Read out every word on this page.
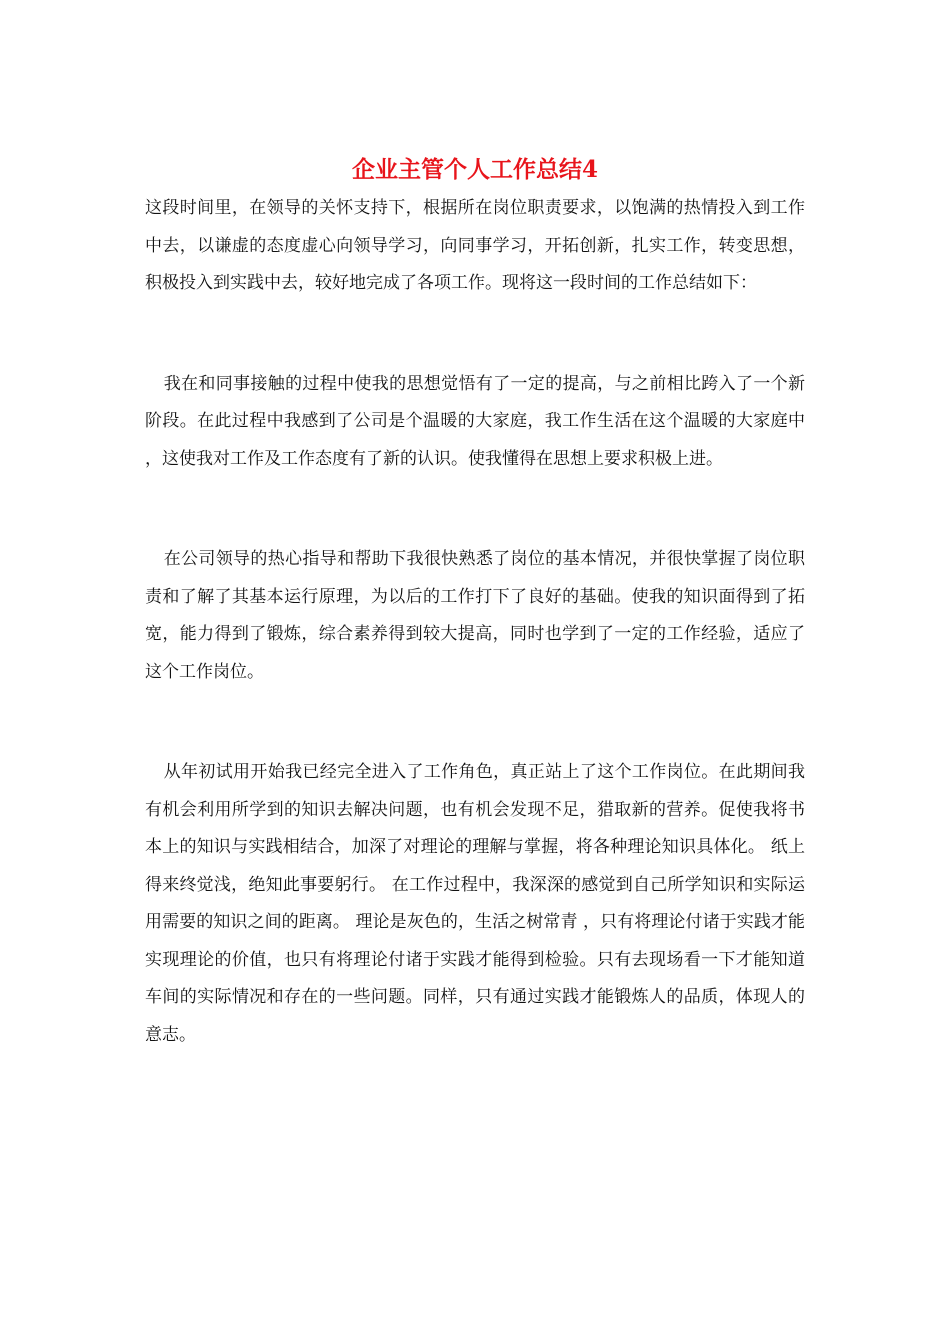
企业主管个人工作总结4

这段时间里，在领导的关怀支持下，根据所在岗位职责要求，以饱满的热情投入到工作中去，以谦虚的态度虚心向领导学习，向同事学习，开拓创新，扎实工作，转变思想，积极投入到实践中去，较好地完成了各项工作。现将这一段时间的工作总结如下：

我在和同事接触的过程中使我的思想觉悟有了一定的提高，与之前相比跨入了一个新阶段。在此过程中我感到了公司是个温暖的大家庭，我工作生活在这个温暖的大家庭中，这使我对工作及工作态度有了新的认识。使我懂得在思想上要求积极上进。

在公司领导的热心指导和帮助下我很快熟悉了岗位的基本情况，并很快掌握了岗位职责和了解了其基本运行原理，为以后的工作打下了良好的基础。使我的知识面得到了拓宽，能力得到了锻炼，综合素养得到较大提高，同时也学到了一定的工作经验，适应了这个工作岗位。

从年初试用开始我已经完全进入了工作角色，真正站上了这个工作岗位。在此期间我有机会利用所学到的知识去解决问题，也有机会发现不足，猎取新的营养。促使我将书本上的知识与实践相结合，加深了对理论的理解与掌握，将各种理论知识具体化。 纸上得来终觉浅，绝知此事要躬行。 在工作过程中，我深深的感觉到自己所学知识和实际运用需要的知识之间的距离。 理论是灰色的，生活之树常青 ，只有将理论付诸于实践才能实现理论的价值，也只有将理论付诸于实践才能得到检验。只有去现场看一下才能知道车间的实际情况和存在的一些问题。同样，只有通过实践才能锻炼人的品质，体现人的意志。
